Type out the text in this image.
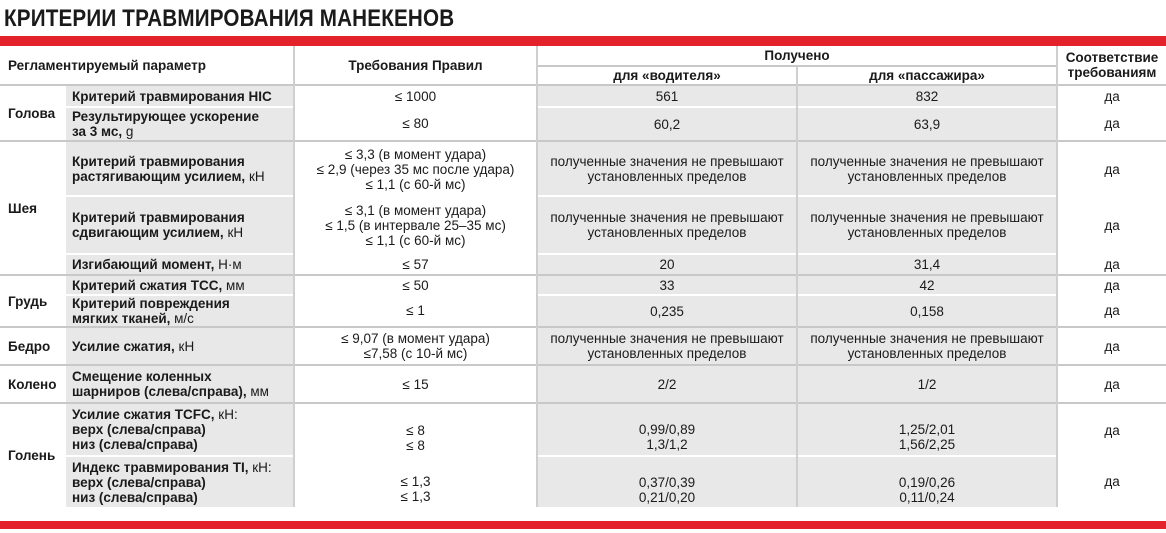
КРИТЕРИИ ТРАВМИРОВАНИЯ МАНЕКЕНОВ
Регламентируемый параметр		Требования Правил	Получено		Соответствие
требованиям

			для «водителя»	для «пассажира»	
Голова	Критерий травмирования HIC	≤ 1000	561	832	да

	Результирующее ускорение
за 3 мс, g	≤ 80	60,2	63,9	да
Шея	Критерий травмирования
растягивающим усилием, кН	≤ 3,3 (в момент удара)
≤ 2,9 (через 35 мс после удара)
≤ 1,1 (с 60-й мс)	полученные значения не превышают
установленных пределов	полученные значения не превышают
установленных пределов	да

	Критерий травмирования
сдвигающим усилием, кН	≤ 3,1 (в момент удара)
≤ 1,5 (в интервале 25–35 мс)
≤ 1,1 (с 60-й мс)	полученные значения не превышают
установленных пределов	полученные значения не превышают
установленных пределов	да
	Изгибающий момент, Н·м	≤ 57	20	31,4	да
Грудь	Критерий сжатия TCC, мм	≤ 50	33	42	да

	Критерий повреждения
мягких тканей, м/с	≤ 1	0,235	0,158	да
Бедро	Усилие сжатия, кН	≤ 9,07 (в момент удара)
≤7,58 (с 10-й мс)	полученные значения не превышают
установленных пределов	полученные значения не превышают
установленных пределов	да
Колено	Смещение коленных
шарниров (слева/справа), мм	≤ 15	2/2	1/2	да
Голень	Усилие сжатия TCFC, кН:
верх (слева/справа)
низ (слева/справа)	≤ 8
≤ 8	0,99/0,89
1,3/1,2	1,25/2,01
1,56/2,25	да

	Индекс травмирования TI, кН:
верх (слева/справа)
низ (слева/справа)	≤ 1,3
≤ 1,3	0,37/0,39
0,21/0,20	0,19/0,26
0,11/0,24	да
